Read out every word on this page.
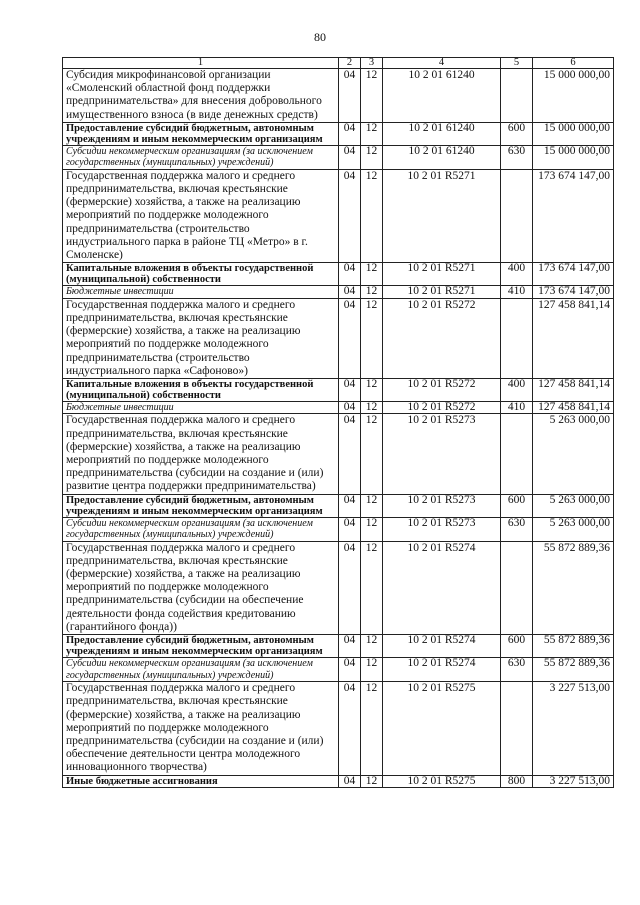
80
1	2	3	4	5	6
Субсидия микрофинансовой организации «Смоленский областной фонд поддержки предпринимательства» для внесения добровольного имущественного взноса (в виде денежных средств)	04	12	10 2 01 61240		15 000 000,00
Предоставление субсидий бюджетным, автономным учреждениям и иным некоммерческим организациям	04	12	10 2 01 61240	600	15 000 000,00
Субсидии некоммерческим организациям (за исключением государственных (муниципальных) учреждений)	04	12	10 2 01 61240	630	15 000 000,00
Государственная поддержка малого и среднего предпринимательства, включая крестьянские (фермерские) хозяйства, а также на реализацию мероприятий по поддержке молодежного предпринимательства (строительство индустриального парка в районе ТЦ «Метро» в г. Смоленске)	04	12	10 2 01 R5271		173 674 147,00
Капитальные вложения в объекты государственной (муниципальной) собственности	04	12	10 2 01 R5271	400	173 674 147,00
Бюджетные инвестиции	04	12	10 2 01 R5271	410	173 674 147,00
Государственная поддержка малого и среднего предпринимательства, включая крестьянские (фермерские) хозяйства, а также на реализацию мероприятий по поддержке молодежного предпринимательства (строительство индустриального парка «Сафоново»)	04	12	10 2 01 R5272		127 458 841,14
Капитальные вложения в объекты государственной (муниципальной) собственности	04	12	10 2 01 R5272	400	127 458 841,14
Бюджетные инвестиции	04	12	10 2 01 R5272	410	127 458 841,14
Государственная поддержка малого и среднего предпринимательства, включая крестьянские (фермерские) хозяйства, а также на реализацию мероприятий по поддержке молодежного предпринимательства (субсидии на создание и (или) развитие центра поддержки предпринимательства)	04	12	10 2 01 R5273		5 263 000,00
Предоставление субсидий бюджетным, автономным учреждениям и иным некоммерческим организациям	04	12	10 2 01 R5273	600	5 263 000,00
Субсидии некоммерческим организациям (за исключением государственных (муниципальных) учреждений)	04	12	10 2 01 R5273	630	5 263 000,00
Государственная поддержка малого и среднего предпринимательства, включая крестьянские (фермерские) хозяйства, а также на реализацию мероприятий по поддержке молодежного предпринимательства (субсидии на обеспечение деятельности фонда содействия кредитованию (гарантийного фонда))	04	12	10 2 01 R5274		55 872 889,36
Предоставление субсидий бюджетным, автономным учреждениям и иным некоммерческим организациям	04	12	10 2 01 R5274	600	55 872 889,36
Субсидии некоммерческим организациям (за исключением государственных (муниципальных) учреждений)	04	12	10 2 01 R5274	630	55 872 889,36
Государственная поддержка малого и среднего предпринимательства, включая крестьянские (фермерские) хозяйства, а также на реализацию мероприятий по поддержке молодежного предпринимательства (субсидии на создание и (или) обеспечение деятельности центра молодежного инновационного творчества)	04	12	10 2 01 R5275		3 227 513,00
Иные бюджетные ассигнования	04	12	10 2 01 R5275	800	3 227 513,00
